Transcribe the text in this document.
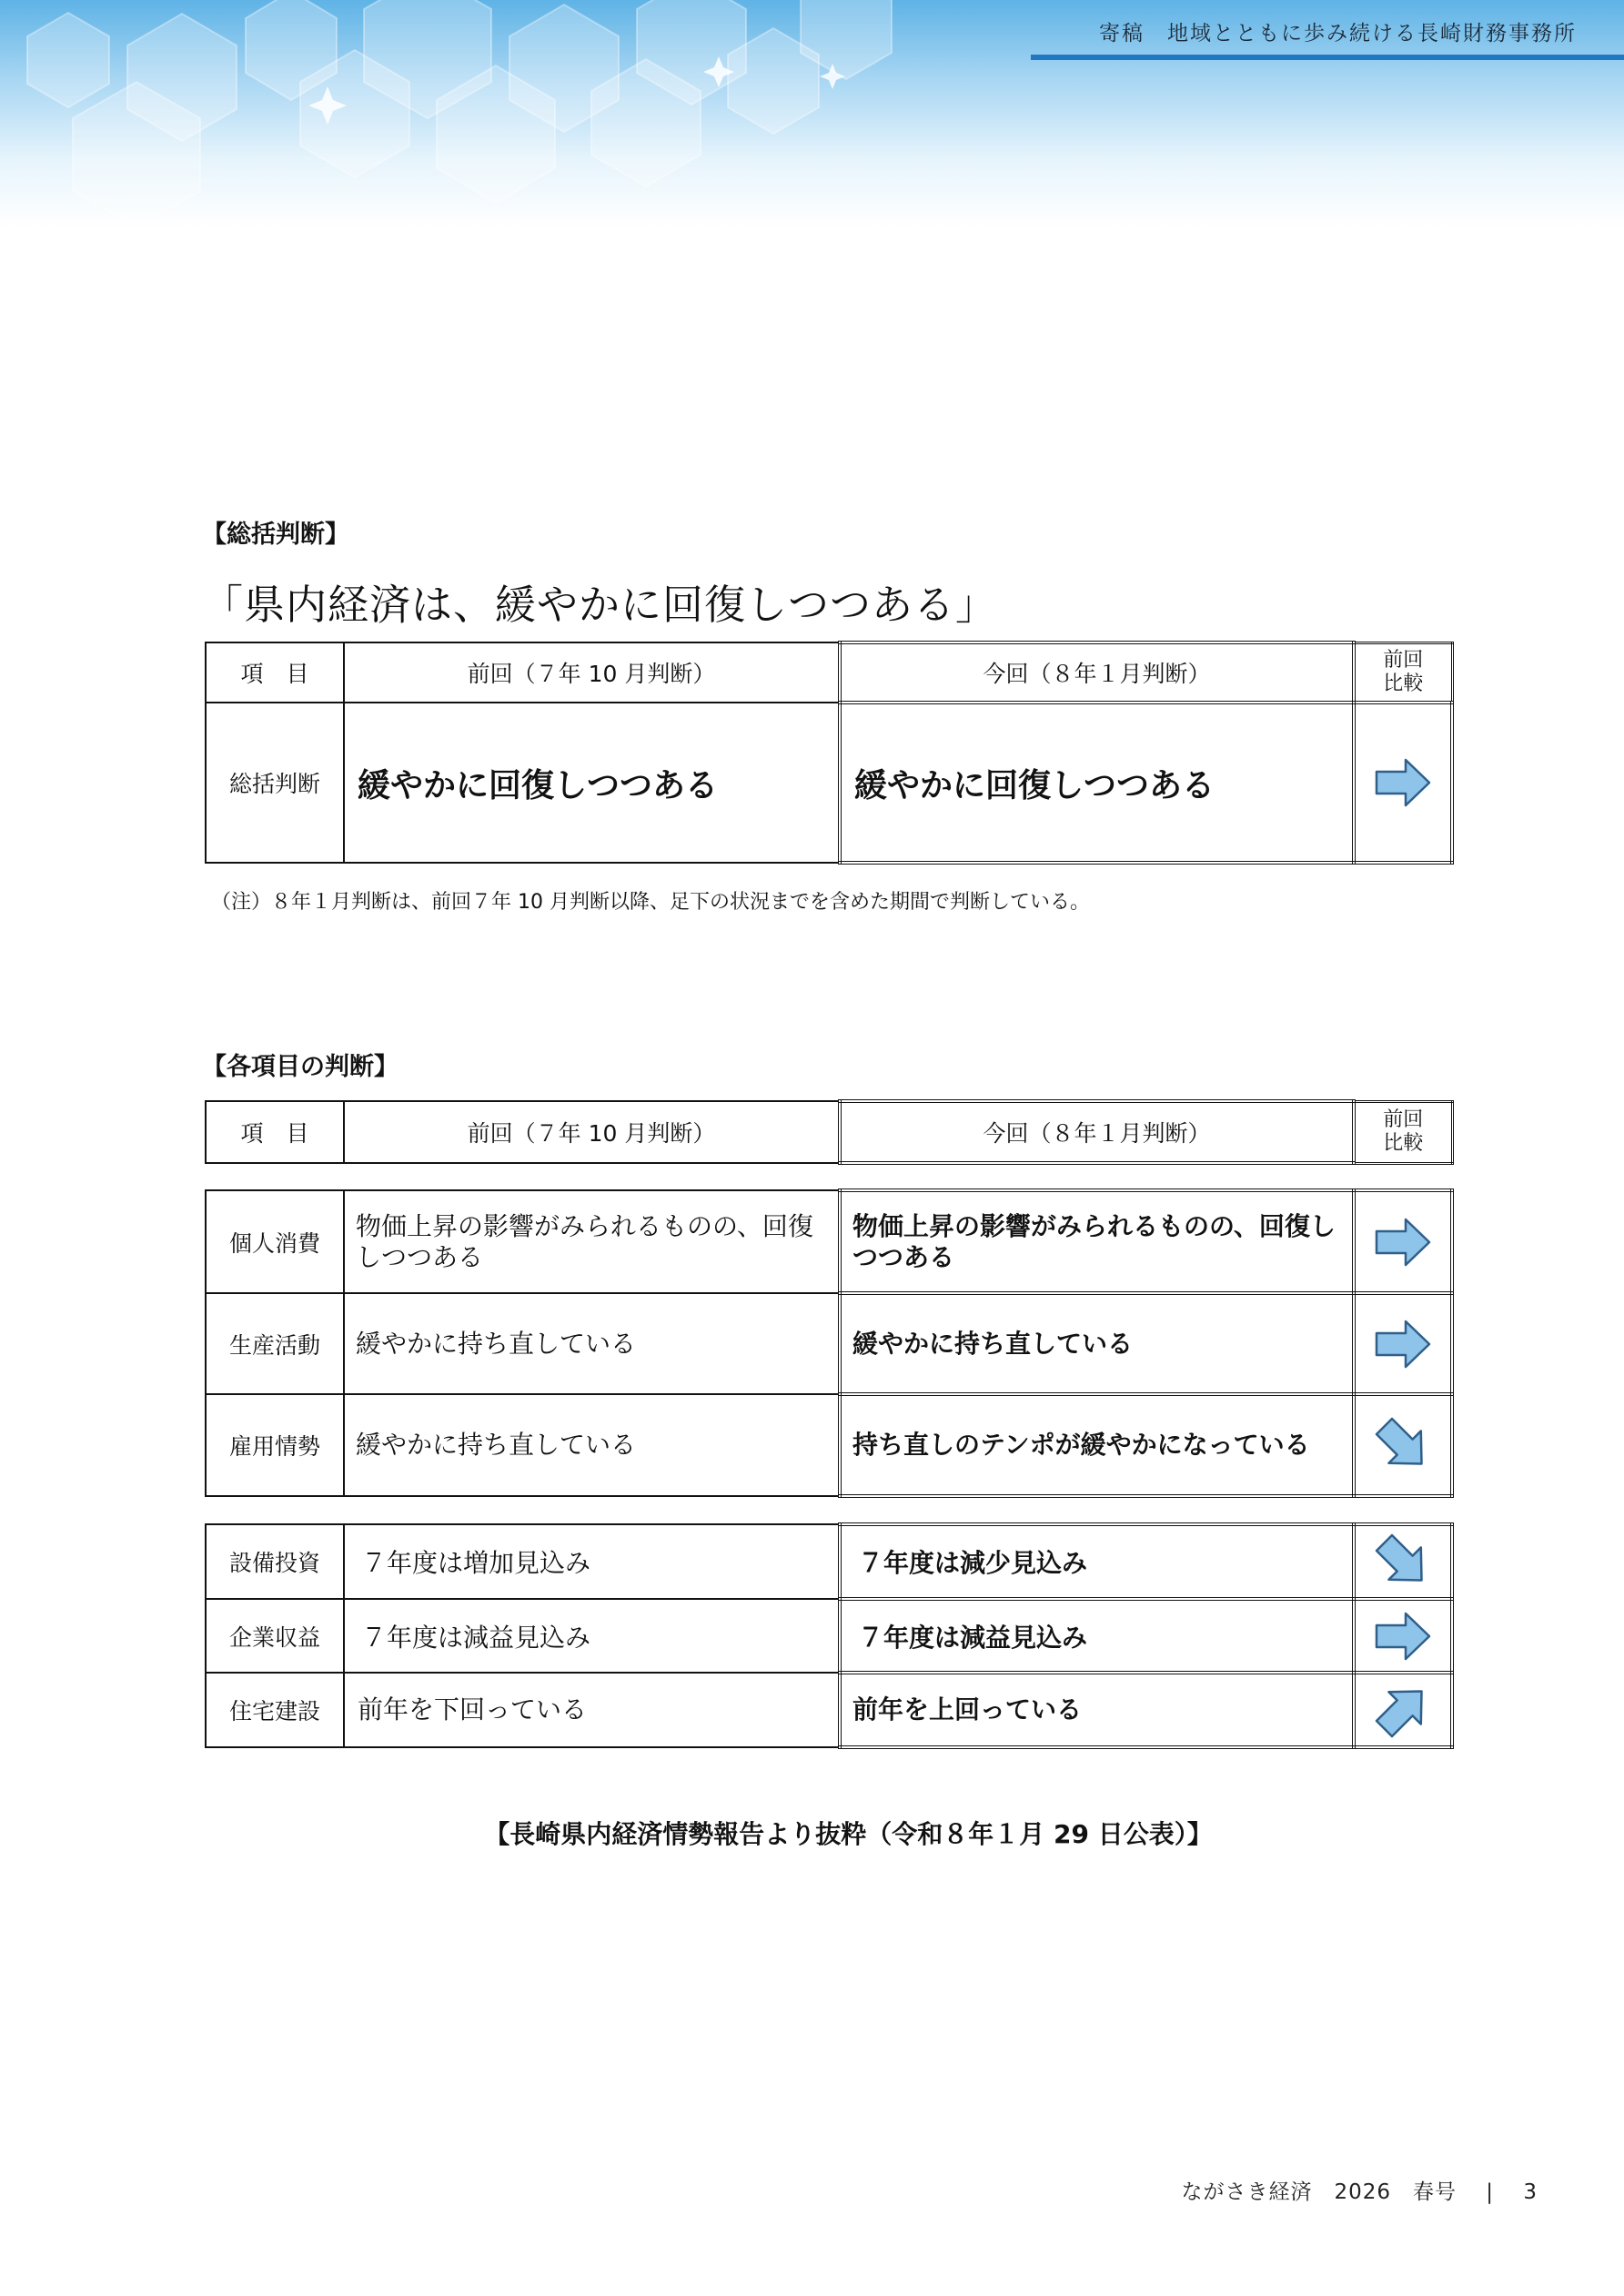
寄稿　地域とともに歩み続ける長崎財務事務所
【総括判断】
「県内経済は、緩やかに回復しつつある」
項　目	前回（７年 10 月判断）	今回（８年１月判断）	前回
比較

総括判断	緩やかに回復しつつある	緩やかに回復しつつある	
（注）８年１月判断は、前回７年 10 月判断以降、足下の状況までを含めた期間で判断している。
【各項目の判断】
項　目	前回（７年 10 月判断）	今回（８年１月判断）	
前回
比較
個人消費	物価上昇の影響がみられるものの、回復しつつある	物価上昇の影響がみられるものの、回復しつつある	
生産活動	緩やかに持ち直している	緩やかに持ち直している	
雇用情勢	緩やかに持ち直している	持ち直しのテンポが緩やかになっている	
設備投資	７年度は増加見込み	７年度は減少見込み	
企業収益	７年度は減益見込み	７年度は減益見込み	
住宅建設	前年を下回っている	前年を上回っている	
【長崎県内経済情勢報告より抜粋（令和８年１月 29 日公表）】
ながさき経済　2026　春号 | 3
